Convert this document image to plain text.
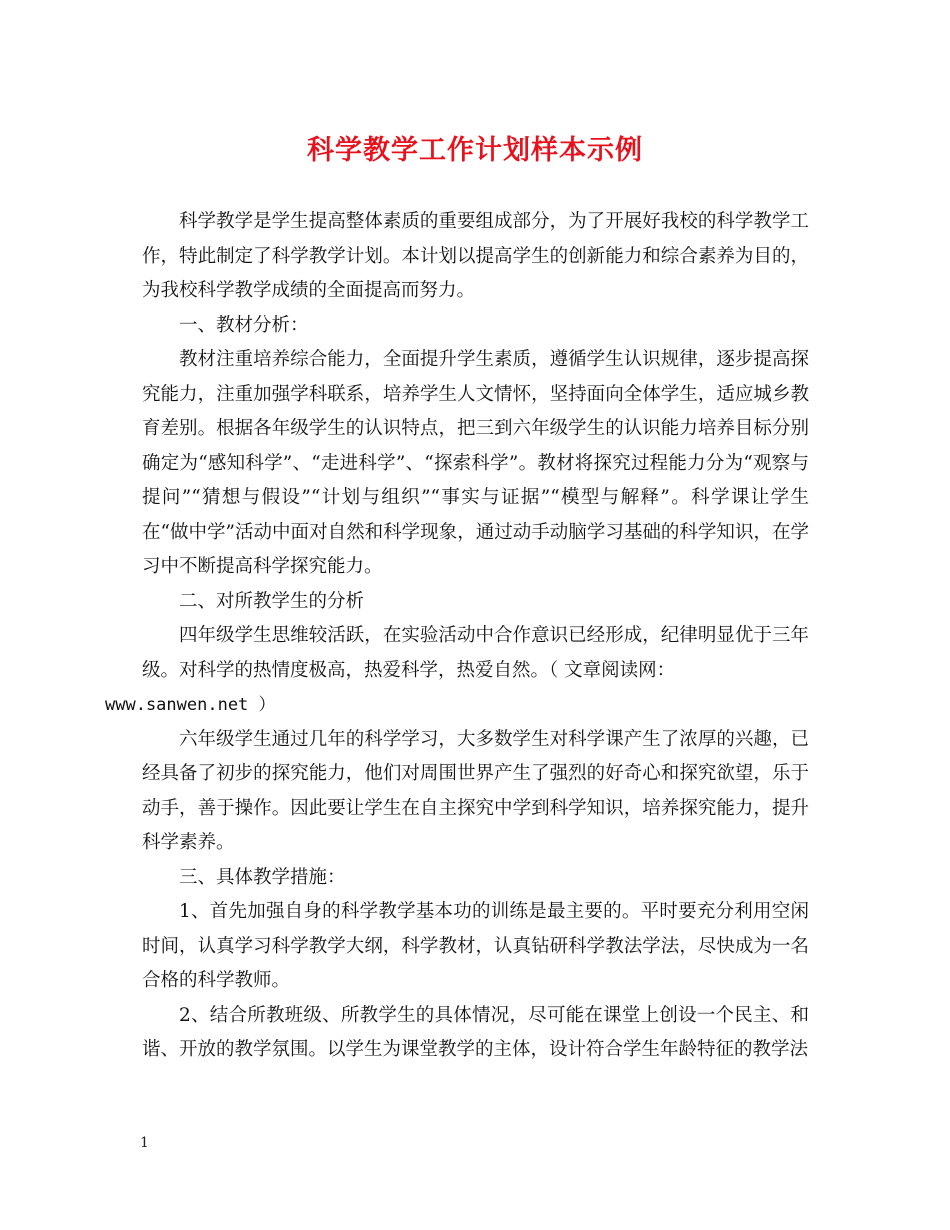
科学教学工作计划样本示例

科学教学是学生提高整体素质的重要组成部分，为了开展好我校的科学教学工作，特此制定了科学教学计划。本计划以提高学生的创新能力和综合素养为目的，为我校科学教学成绩的全面提高而努力。

一、教材分析：

教材注重培养综合能力，全面提升学生素质，遵循学生认识规律，逐步提高探究能力，注重加强学科联系，培养学生人文情怀，坚持面向全体学生，适应城乡教育差别。根据各年级学生的认识特点，把三到六年级学生的认识能力培养目标分别确定为“感知科学”、“走进科学”、“探索科学”。教材将探究过程能力分为“观察与提问”“猜想与假设”“计划与组织”“事实与证据”“模型与解释”。科学课让学生在“做中学”活动中面对自然和科学现象，通过动手动脑学习基础的科学知识，在学习中不断提高科学探究能力。

二、对所教学生的分析

四年级学生思维较活跃，在实验活动中合作意识已经形成，纪律明显优于三年级。对科学的热情度极高，热爱科学，热爱自然。（ 文章阅读网：
www.sanwen.net ）

六年级学生通过几年的科学学习，大多数学生对科学课产生了浓厚的兴趣，已经具备了初步的探究能力，他们对周围世界产生了强烈的好奇心和探究欲望，乐于动手，善于操作。因此要让学生在自主探究中学到科学知识，培养探究能力，提升科学素养。

三、具体教学措施：

1、首先加强自身的科学教学基本功的训练是最主要的。平时要充分利用空闲时间，认真学习科学教学大纲，科学教材，认真钻研科学教法学法，尽快成为一名合格的科学教师。

2、结合所教班级、所教学生的具体情况，尽可能在课堂上创设一个民主、和谐、开放的教学氛围。以学生为课堂教学的主体，设计符合学生年龄特征的教学法

1
